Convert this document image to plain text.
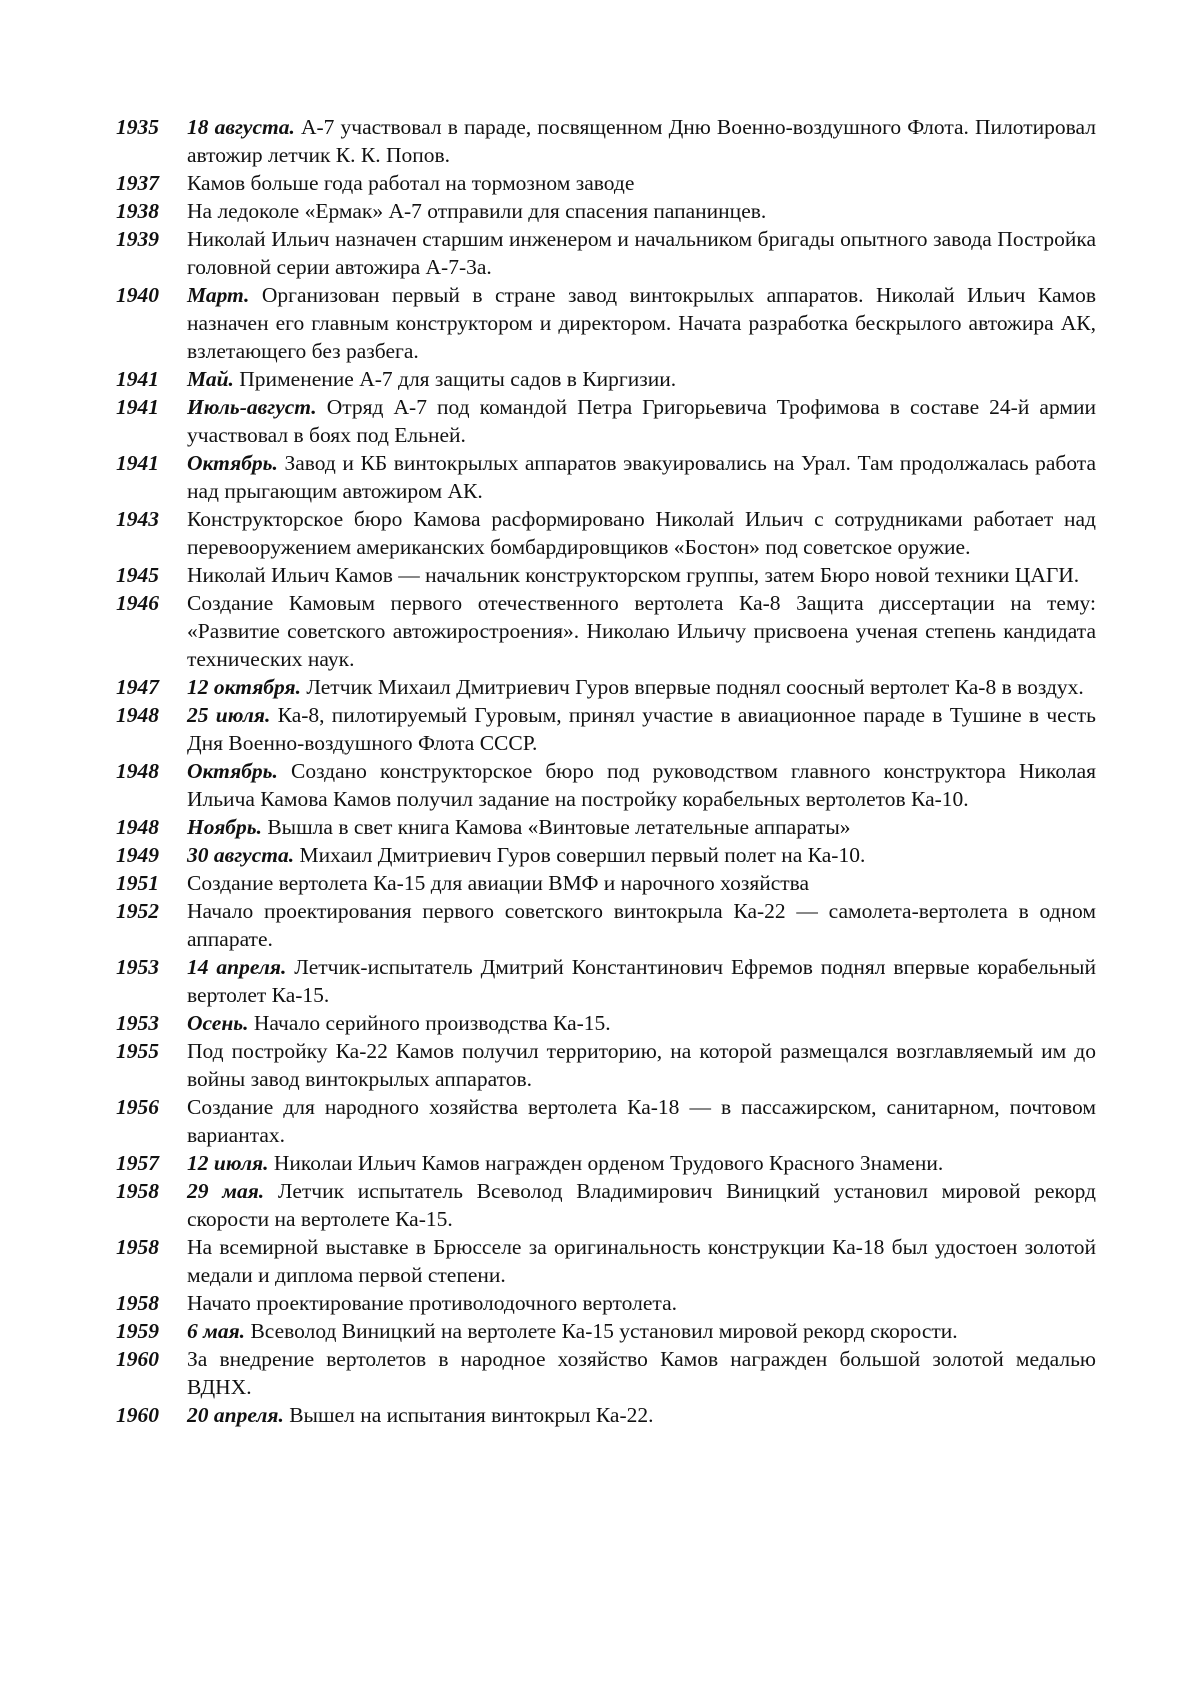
1935	18 августа. А-7 участвовал в параде, посвященном Дню Военно-воздушного Флота. Пилотировал автожир летчик К. К. Попов.
1937	Камов больше года работал на тормозном заводе
1938	На ледоколе «Ермак» А-7 отправили для спасения папанинцев.
1939	Николай Ильич назначен старшим инженером и начальником бригады опытного завода Постройка головной серии автожира А-7-3а.
1940	Март. Организован первый в стране завод винтокрылых аппаратов. Николай Ильич Камов назначен его главным конструктором и директором. Начата разработка бескрылого автожира АК, взлетающего без разбега.
1941	Май. Применение А-7 для защиты садов в Киргизии.
1941	Июль-август. Отряд А-7 под командой Петра Григорьевича Трофимова в составе 24-й армии участвовал в боях под Ельней.
1941	Октябрь. Завод и КБ винтокрылых аппаратов эвакуировались на Урал. Там продолжалась работа над прыгающим автожиром АК.
1943	Конструкторское бюро Камова расформировано Николай Ильич с сотрудниками работает над перевооружением американских бомбардировщиков «Бостон» под советское оружие.
1945	Николай Ильич Камов — начальник конструкторском группы, затем Бюро новой техники ЦАГИ.
1946	Создание Камовым первого отечественного вертолета Ка-8 Защита диссертации на тему: «Развитие советского автожиростроения». Николаю Ильичу присвоена ученая степень кандидата технических наук.
1947	12 октября. Летчик Михаил Дмитриевич Гуров впервые поднял соосный вертолет Ка-8 в воздух.
1948	25 июля. Ка-8, пилотируемый Гуровым, принял участие в авиационное параде в Тушине в честь Дня Военно-воздушного Флота СССР.
1948	Октябрь. Создано конструкторское бюро под руководством главного конструктора Николая Ильича Камова Камов получил задание на постройку корабельных вертолетов Ка-10.
1948	Ноябрь. Вышла в свет книга Камова «Винтовые летательные аппараты»
1949	30 августа. Михаил Дмитриевич Гуров совершил первый полет на Ка-10.
1951	Создание вертолета Ка-15 для авиации ВМФ и нарочного хозяйства
1952	Начало проектирования первого советского винтокрыла Ка-22 — самолета-вертолета в одном аппарате.
1953	14 апреля. Летчик-испытатель Дмитрий Константинович Ефремов поднял впервые корабельный вертолет Ка-15.
1953	Осень. Начало серийного производства Ка-15.
1955	Под постройку Ка-22 Камов получил территорию, на которой размещался возглавляемый им до войны завод винтокрылых аппаратов.
1956	Создание для народного хозяйства вертолета Ка-18 — в пассажирском, санитарном, почтовом вариантах.
1957	12 июля. Николаи Ильич Камов награжден орденом Трудового Красного Знамени.
1958	29 мая. Летчик испытатель Всеволод Владимирович Виницкий установил мировой рекорд скорости на вертолете Ка-15.
1958	На всемирной выставке в Брюсселе за оригинальность конструкции Ка-18 был удостоен золотой медали и диплома первой степени.
1958	Начато проектирование противолодочного вертолета.
1959	6 мая. Всеволод Виницкий на вертолете Ка-15 установил мировой рекорд скорости.
1960	За внедрение вертолетов в народное хозяйство Камов награжден большой золотой медалью ВДНХ.
1960	20 апреля. Вышел на испытания винтокрыл Ка-22.
